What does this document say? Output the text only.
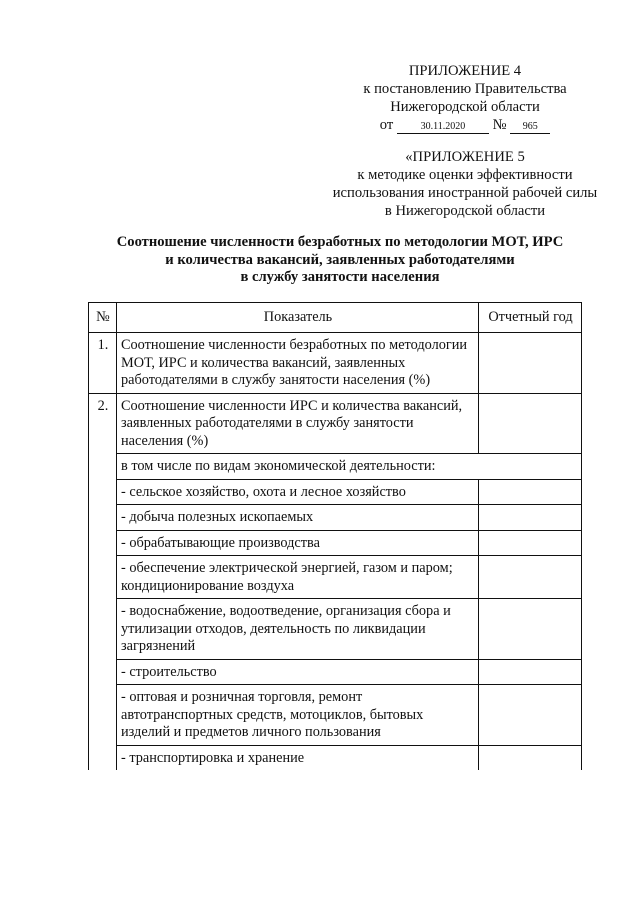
ПРИЛОЖЕНИЕ 4
к постановлению Правительства
Нижегородской области
от	30.11.2020 № 965
«ПРИЛОЖЕНИЕ 5
к методике оценки эффективности
использования иностранной рабочей силы
в Нижегородской области
Соотношение численности безработных по методологии МОТ, ИРС
и количества вакансий, заявленных работодателями
в службу занятости населения
№	Показатель	Отчетный год
1.	Соотношение численности безработных по методологии МОТ, ИРС и количества вакансий, заявленных работодателями в службу занятости населения (%)	
2.	Соотношение численности ИРС и количества вакансий, заявленных работодателями в службу занятости населения (%)	
	в том числе по видам экономической деятельности:	
	- сельское хозяйство, охота и лесное хозяйство	
	- добыча полезных ископаемых	
	- обрабатывающие производства	
	- обеспечение электрической энергией, газом и паром; кондиционирование воздуха	
	- водоснабжение, водоотведение, организация сбора и утилизации отходов, деятельность по ликвидации загрязнений	
	- строительство	
	- оптовая и розничная торговля, ремонт автотранспортных средств, мотоциклов, бытовых изделий и предметов личного пользования	
	- транспортировка и хранение	
